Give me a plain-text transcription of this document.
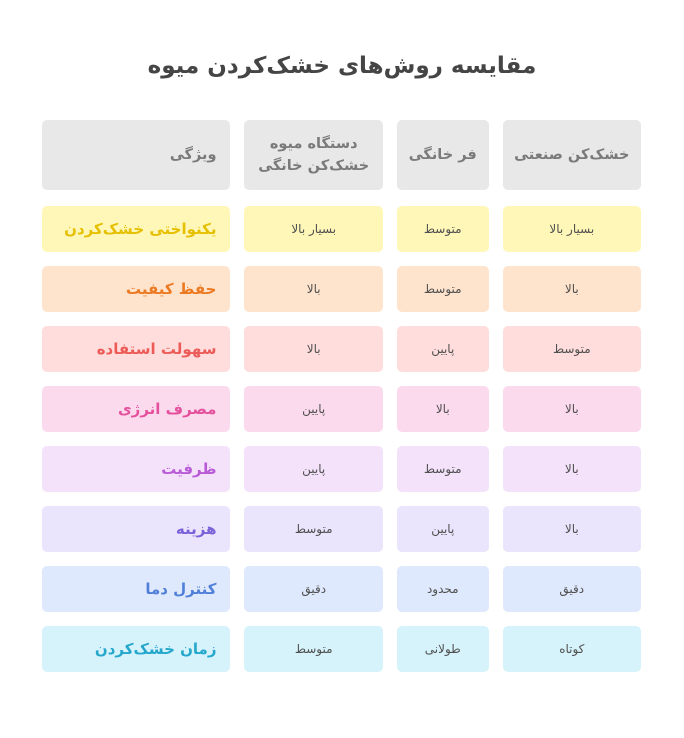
مقایسه روش‌های خشک‌کردن میوه
خشک‌کن صنعتی
فر خانگی
دستگاه میوه خشک‌کن خانگی
ویژگی
بسیار بالا
متوسط
بسیار بالا
یکنواختی خشک‌کردن
بالا
متوسط
بالا
حفظ کیفیت
متوسط
پایین
بالا
سهولت استفاده
بالا
بالا
پایین
مصرف انرژی
بالا
متوسط
پایین
ظرفیت
بالا
پایین
متوسط
هزینه
دقیق
محدود
دقیق
کنترل دما
کوتاه
طولانی
متوسط
زمان خشک‌کردن
